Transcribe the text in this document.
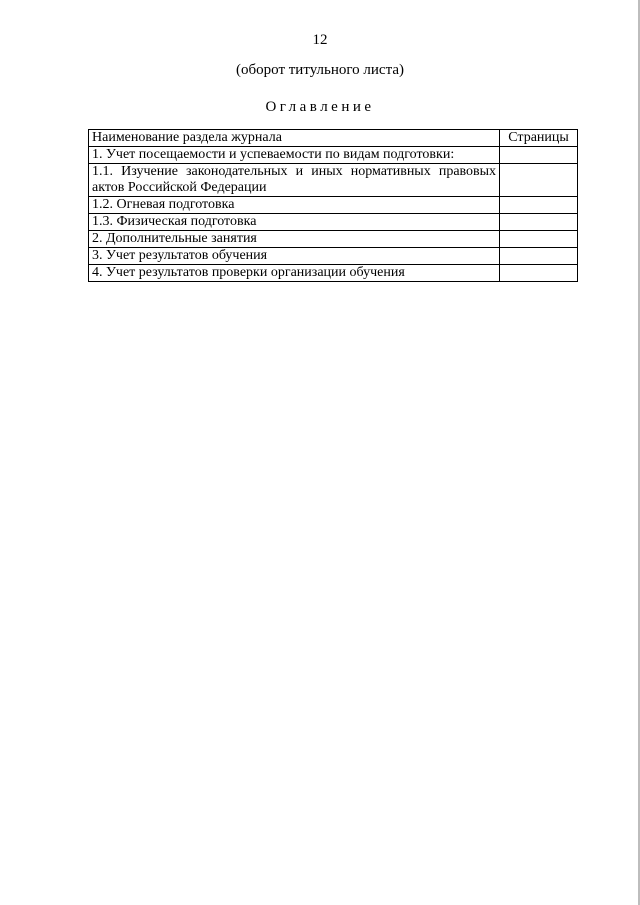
12
(оборот титульного листа)
Оглавление
Наименование раздела журнала	Страницы
1. Учет посещаемости и успеваемости по видам подготовки:	
1.1. Изучение законодательных и иных нормативных правовых актов Российской Федерации	
1.2. Огневая подготовка	
1.3. Физическая подготовка	
2. Дополнительные занятия	
3. Учет результатов обучения	
4. Учет результатов проверки организации обучения	
